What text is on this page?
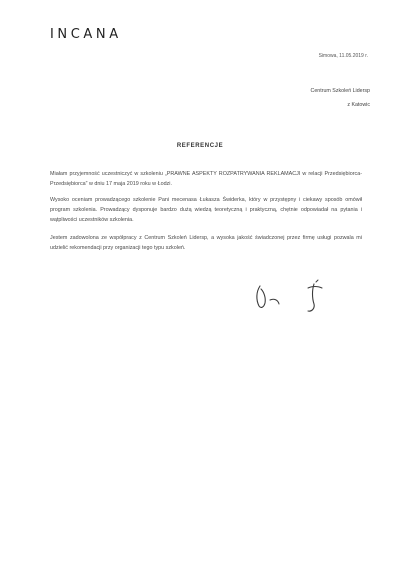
INCANA
Simowa, 11.05.2019 r.
Centrum Szkoleń Lidersp
z Katowic
REFERENCJE
Miałam przyjemność uczestniczyć w szkoleniu „PRAWNE ASPEKTY ROZPATRYWANIA REKLAMACJI w relacji Przedsiębiorca-Przedsiębiorca” w dniu 17 maja 2019 roku w Łodzi.
Wysoko oceniam prowadzącego szkolenie Pani mecenasa Łukasza Świderka, który w przystępny i ciekawy sposób omówił program szkolenia. Prowadzący dysponuje bardzo dużą wiedzą teoretyczną i praktyczną, chętnie odpowiadał na pytania i wątpliwości uczestników szkolenia.
Jestem zadowolona ze współpracy z Centrum Szkoleń Lidersp, a wysoka jakość świadczonej przez firmę usługi pozwala mi udzielić rekomendacji przy organizacji tego typu szkoleń.
